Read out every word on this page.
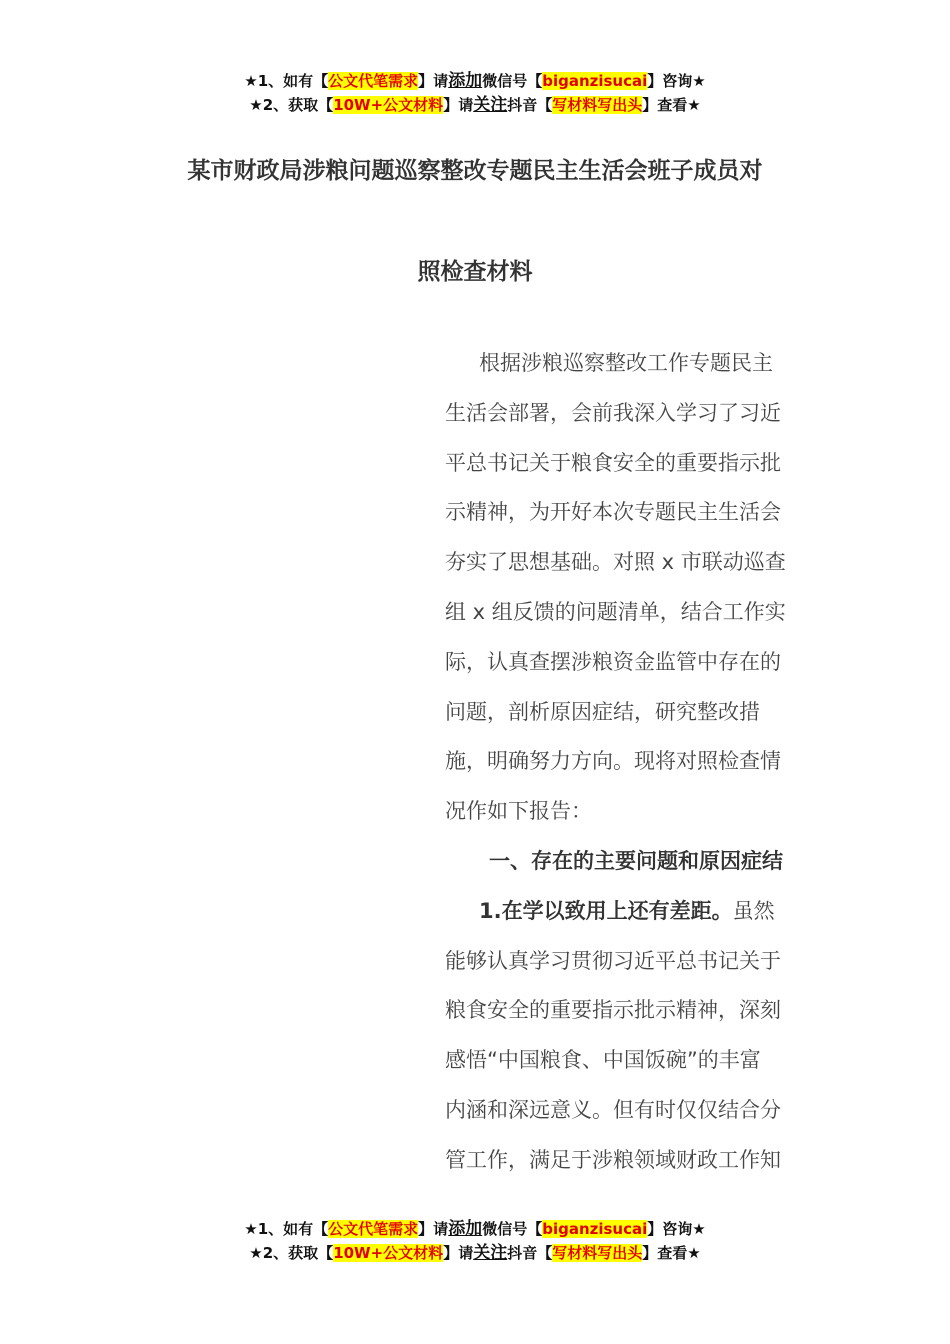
★1、如有【公文代笔需求】请添加微信号【biganzisucai】咨询★
★2、获取【10W+公文材料】请关注抖音【写材料写出头】查看★
某市财政局涉粮问题巡察整改专题民主生活会班子成员对
照检查材料
根据涉粮巡察整改工作专题民主
生活会部署，会前我深入学习了习近
平总书记关于粮食安全的重要指示批
示精神，为开好本次专题民主生活会
夯实了思想基础。对照 x 市联动巡查
组 x 组反馈的问题清单，结合工作实
际，认真查摆涉粮资金监管中存在的
问题，剖析原因症结，研究整改措
施，明确努力方向。现将对照检查情
况作如下报告：
一、存在的主要问题和原因症结
1.在学以致用上还有差距。虽然
能够认真学习贯彻习近平总书记关于
粮食安全的重要指示批示精神，深刻
感悟“中国粮食、中国饭碗”的丰富
内涵和深远意义。但有时仅仅结合分
管工作，满足于涉粮领域财政工作知
★1、如有【公文代笔需求】请添加微信号【biganzisucai】咨询★
★2、获取【10W+公文材料】请关注抖音【写材料写出头】查看★
